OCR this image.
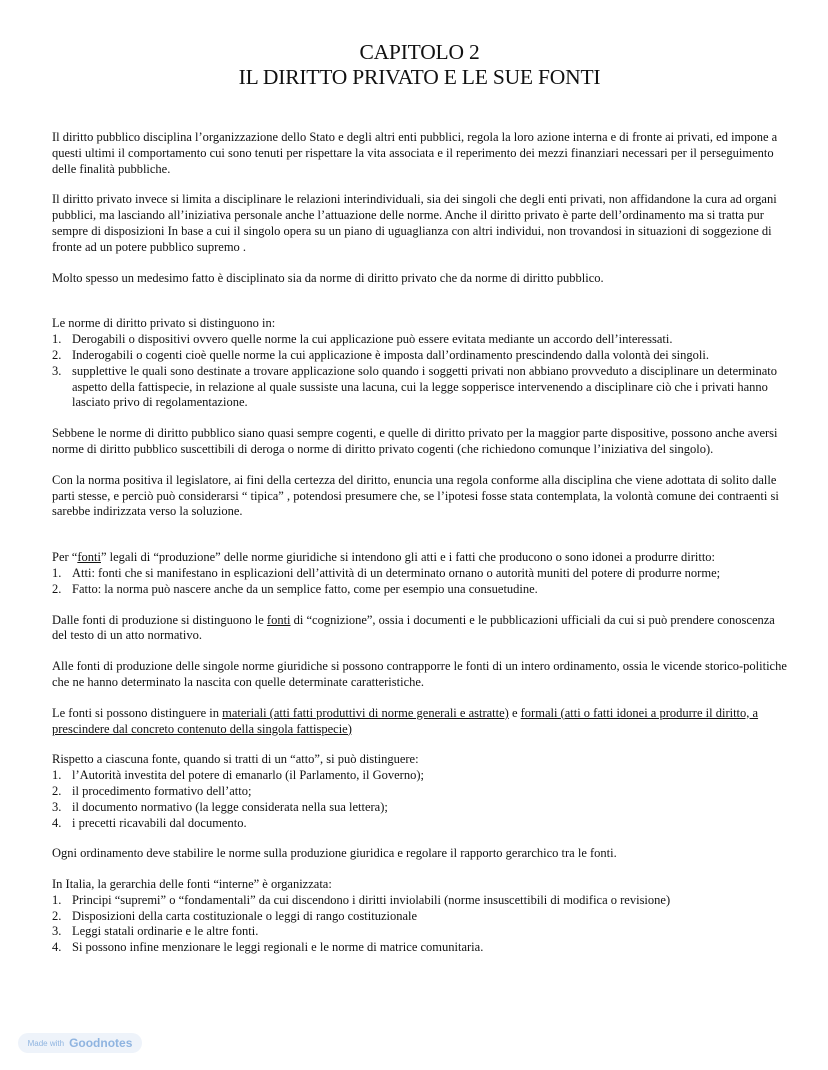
CAPITOLO 2
IL DIRITTO PRIVATO E LE SUE FONTI

Il diritto pubblico disciplina l’organizzazione dello Stato e degli altri enti pubblici, regola la loro azione interna e di fronte ai privati, ed impone a questi ultimi il comportamento cui sono tenuti per rispettare la vita associata e il reperimento dei mezzi finanziari necessari per il perseguimento delle finalità pubbliche.

Il diritto privato invece si limita a disciplinare le relazioni interindividuali, sia dei singoli che degli enti privati, non affidandone la cura ad organi pubblici, ma lasciando all’iniziativa personale anche l’attuazione delle norme. Anche il diritto privato è parte dell’ordinamento ma si tratta pur sempre di disposizioni In base a cui il singolo opera su un piano di uguaglianza con altri individui, non trovandosi in situazioni di soggezione di fronte ad un potere pubblico supremo .

Molto spesso un medesimo fatto è disciplinato sia da norme di diritto privato che da norme di diritto pubblico.

Le norme di diritto privato si distinguono in:

1. Derogabili o dispositivi ovvero quelle norme la cui applicazione può essere evitata mediante un accordo dell’interessati.
2. Inderogabili o cogenti cioè quelle norme la cui applicazione è imposta dall’ordinamento prescindendo dalla volontà dei singoli.
3. supplettive le quali sono destinate a trovare applicazione solo quando i soggetti privati non abbiano provveduto a disciplinare un determinato aspetto della fattispecie, in relazione al quale sussiste una lacuna, cui la legge sopperisce intervenendo a disciplinare ciò che i privati hanno lasciato privo di regolamentazione.

Sebbene le norme di diritto pubblico siano quasi sempre cogenti, e quelle di diritto privato per la maggior parte dispositive, possono anche aversi norme di diritto pubblico suscettibili di deroga o norme di diritto privato cogenti (che richiedono comunque l’iniziativa del singolo).

Con la norma positiva il legislatore, ai fini della certezza del diritto, enuncia una regola conforme alla disciplina che viene adottata di solito dalle parti stesse, e perciò può considerarsi “ tipica” , potendosi presumere che, se l’ipotesi fosse stata contemplata, la volontà comune dei contraenti si sarebbe indirizzata verso la soluzione.

Per “fonti” legali di “produzione” delle norme giuridiche si intendono gli atti e i fatti che producono o sono idonei a produrre diritto:

1. Atti: fonti che si manifestano in esplicazioni dell’attività di un determinato ornano o autorità muniti del potere di produrre norme;
2. Fatto: la norma può nascere anche da un semplice fatto, come per esempio una consuetudine.

Dalle fonti di produzione si distinguono le fonti di “cognizione”, ossia i documenti e le pubblicazioni ufficiali da cui si può prendere conoscenza del testo di un atto normativo.

Alle fonti di produzione delle singole norme giuridiche si possono contrapporre le fonti di un intero ordinamento, ossia le vicende storico-politiche che ne hanno determinato la nascita con quelle determinate caratteristiche.

Le fonti si possono distinguere in materiali (atti fatti produttivi di norme generali e astratte) e formali (atti o fatti idonei a produrre il diritto, a prescindere dal concreto contenuto della singola fattispecie)

Rispetto a ciascuna fonte, quando si tratti di un “atto”, si può distinguere:

1. l’Autorità investita del potere di emanarlo (il Parlamento, il Governo);
2. il procedimento formativo dell’atto;
3. il documento normativo (la legge considerata nella sua lettera);
4. i precetti ricavabili dal documento.

Ogni ordinamento deve stabilire le norme sulla produzione giuridica e regolare il rapporto gerarchico tra le fonti.

In Italia, la gerarchia delle fonti “interne” è organizzata:

1. Principi “supremi” o “fondamentali” da cui discendono i diritti inviolabili (norme insuscettibili di modifica o revisione)
2. Disposizioni della carta costituzionale o leggi di rango costituzionale
3. Leggi statali ordinarie e le altre fonti.
4. Si possono infine menzionare le leggi regionali e le norme di matrice comunitaria.
Made with Goodnotes
